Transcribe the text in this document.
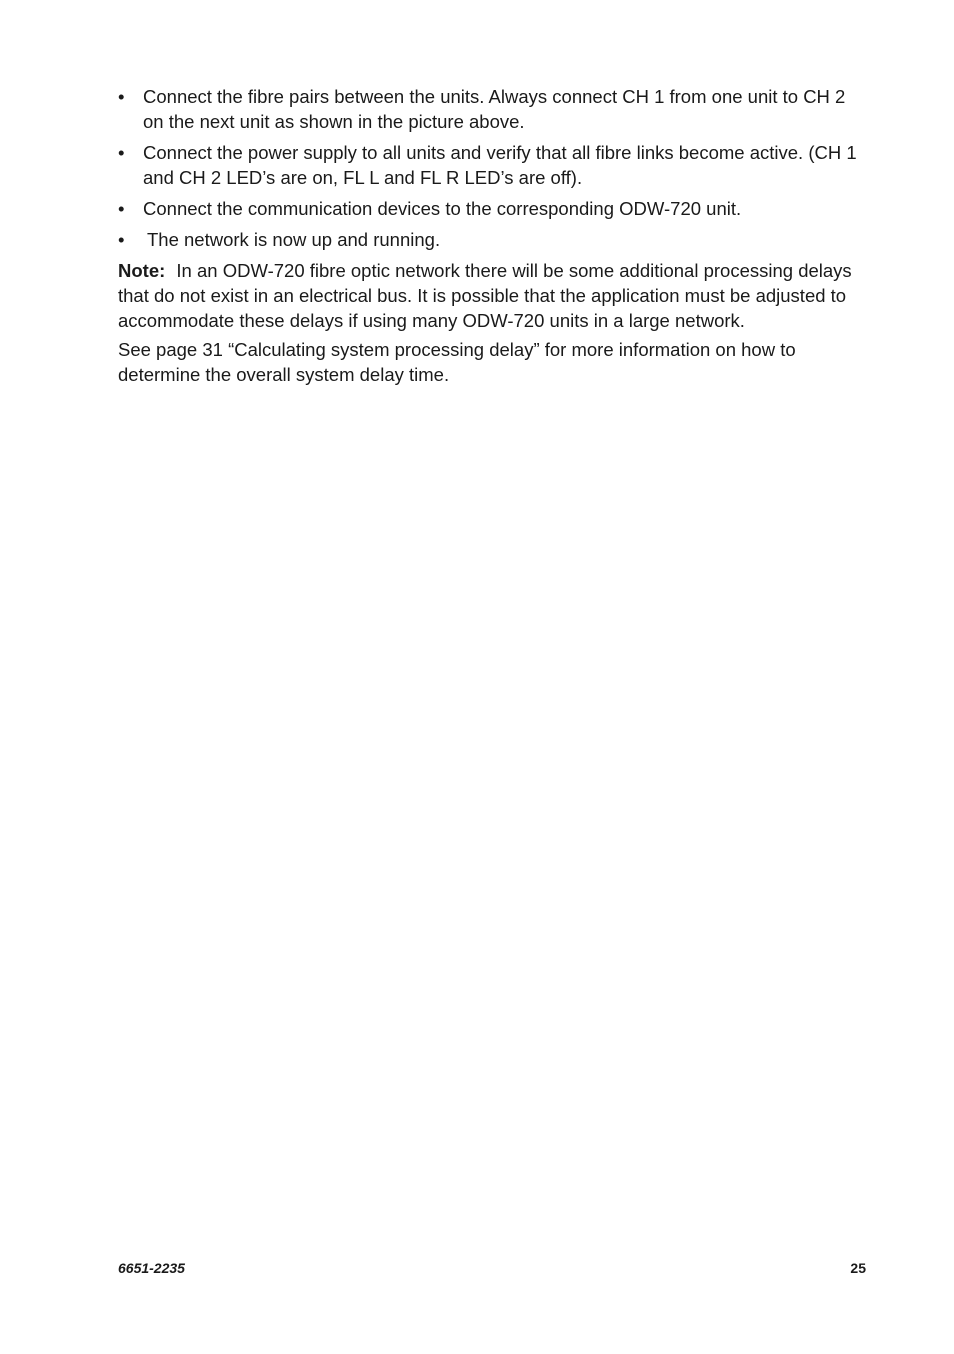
•	Connect the fibre pairs between the units. Always connect CH 1 from one unit to CH 2 on the next unit as shown in the picture above.
•	Connect the power supply to all units and verify that all fibre links become active. (CH 1 and CH 2 LED’s are on, FL L and FL R LED’s are off).
•	Connect the communication devices to the corresponding ODW-720 unit.
•	The network is now up and running.

Note: In an ODW-720 fibre optic network there will be some additional processing delays that do not exist in an electrical bus. It is possible that the application must be adjusted to accommodate these delays if using many ODW-720 units in a large network.

See page 31 “Calculating system processing delay” for more information on how to determine the overall system delay time.

6651-2235	25
